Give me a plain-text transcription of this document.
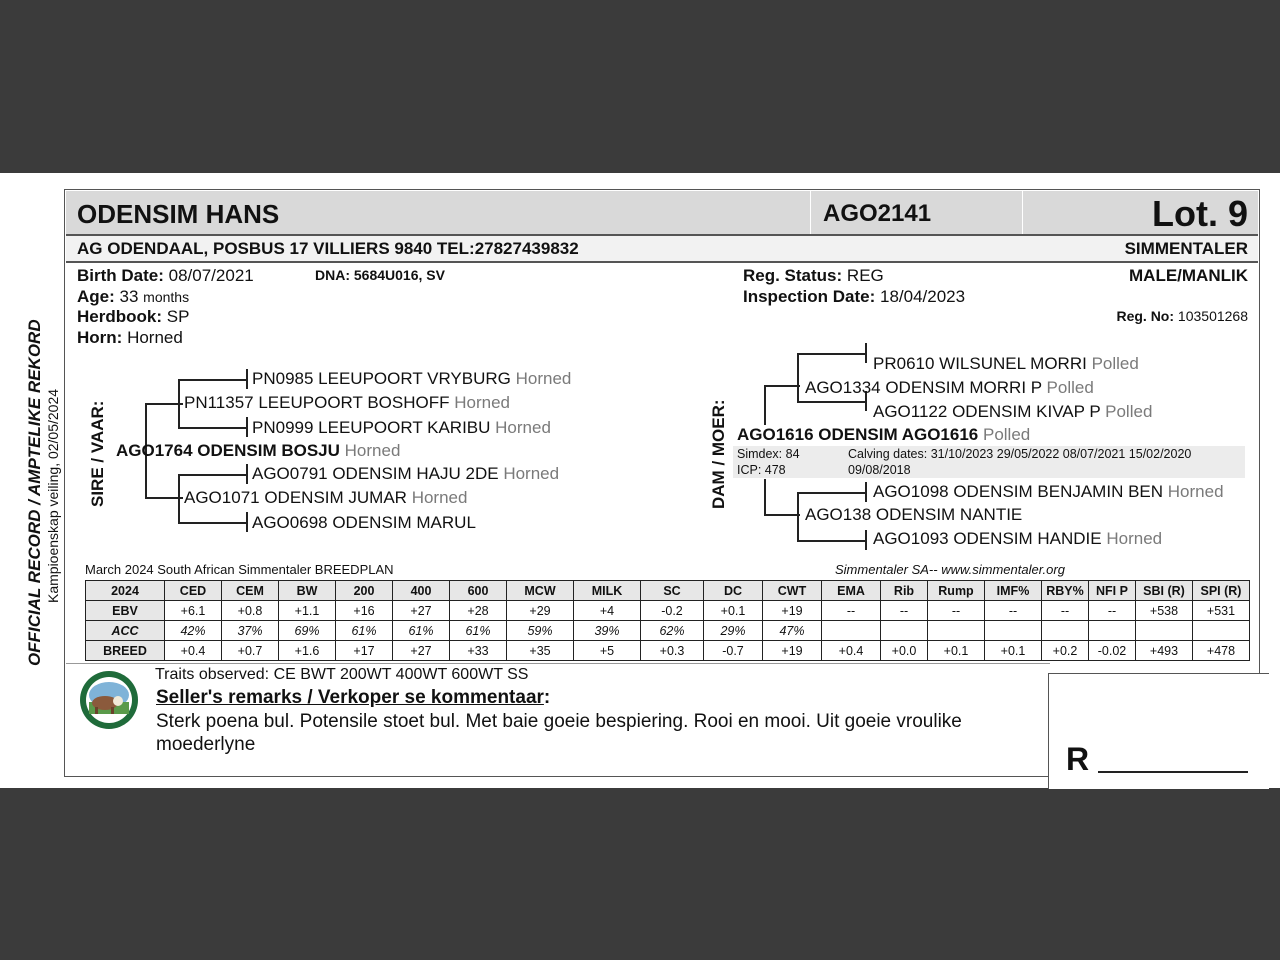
OFFICIAL RECORD / AMPTELIKE REKORD Kampioenskap veiling, 02/05/2024
ODENSIM HANS	AGO2141	Lot. 9
AG ODENDAAL, POSBUS 17 VILLIERS 9840 TEL:27827439832	SIMMENTALER
Birth Date: 08/07/2021	DNA: 5684U016, SV
Age: 33 months
Herdbook: SP
Horn: Horned
Reg. Status: REG
Inspection Date: 18/04/2023
MALE/MANLIK
Reg. No: 103501268
SIRE / VAAR:
PN0985 LEEUPOORT VRYBURG Horned
PN11357 LEEUPOORT BOSHOFF Horned
PN0999 LEEUPOORT KARIBU Horned
AGO1764 ODENSIM BOSJU Horned
AGO0791 ODENSIM HAJU 2DE Horned
AGO1071 ODENSIM JUMAR Horned
AGO0698 ODENSIM MARUL
DAM / MOER:
PR0610 WILSUNEL MORRI Polled
AGO1334 ODENSIM MORRI P Polled
AGO1122 ODENSIM KIVAP P Polled
AGO1616 ODENSIM AGO1616 Polled
Simdex: 84
ICP: 478
Calving dates: 31/10/2023 29/05/2022 08/07/2021 15/02/2020
09/08/2018
AGO1098 ODENSIM BENJAMIN BEN Horned
AGO138 ODENSIM NANTIE
AGO1093 ODENSIM HANDIE Horned
March 2024 South African Simmentaler BREEDPLAN	Simmentaler SA-- www.simmentaler.org
2024	CED	CEM	BW	200	400	600	MCW	MILK	SC	DC	CWT	EMA	Rib	Rump	IMF%	RBY%	NFI P	SBI (R)	SPI (R)
EBV	+6.1	+0.8	+1.1	+16	+27	+28	+29	+4	-0.2	+0.1	+19	--	--	--	--	--	--	+538	+531
ACC	42%	37%	69%	61%	61%	61%	59%	39%	62%	29%	47%								
BREED	+0.4	+0.7	+1.6	+17	+27	+33	+35	+5	+0.3	-0.7	+19	+0.4	+0.0	+0.1	+0.1	+0.2	-0.02	+493	+478
Traits observed: CE BWT 200WT 400WT 600WT SS
Seller's remarks / Verkoper se kommentaar:
Sterk poena bul. Potensile stoet bul. Met baie goeie bespiering. Rooi en mooi. Uit goeie vroulike
moederlyne	R
